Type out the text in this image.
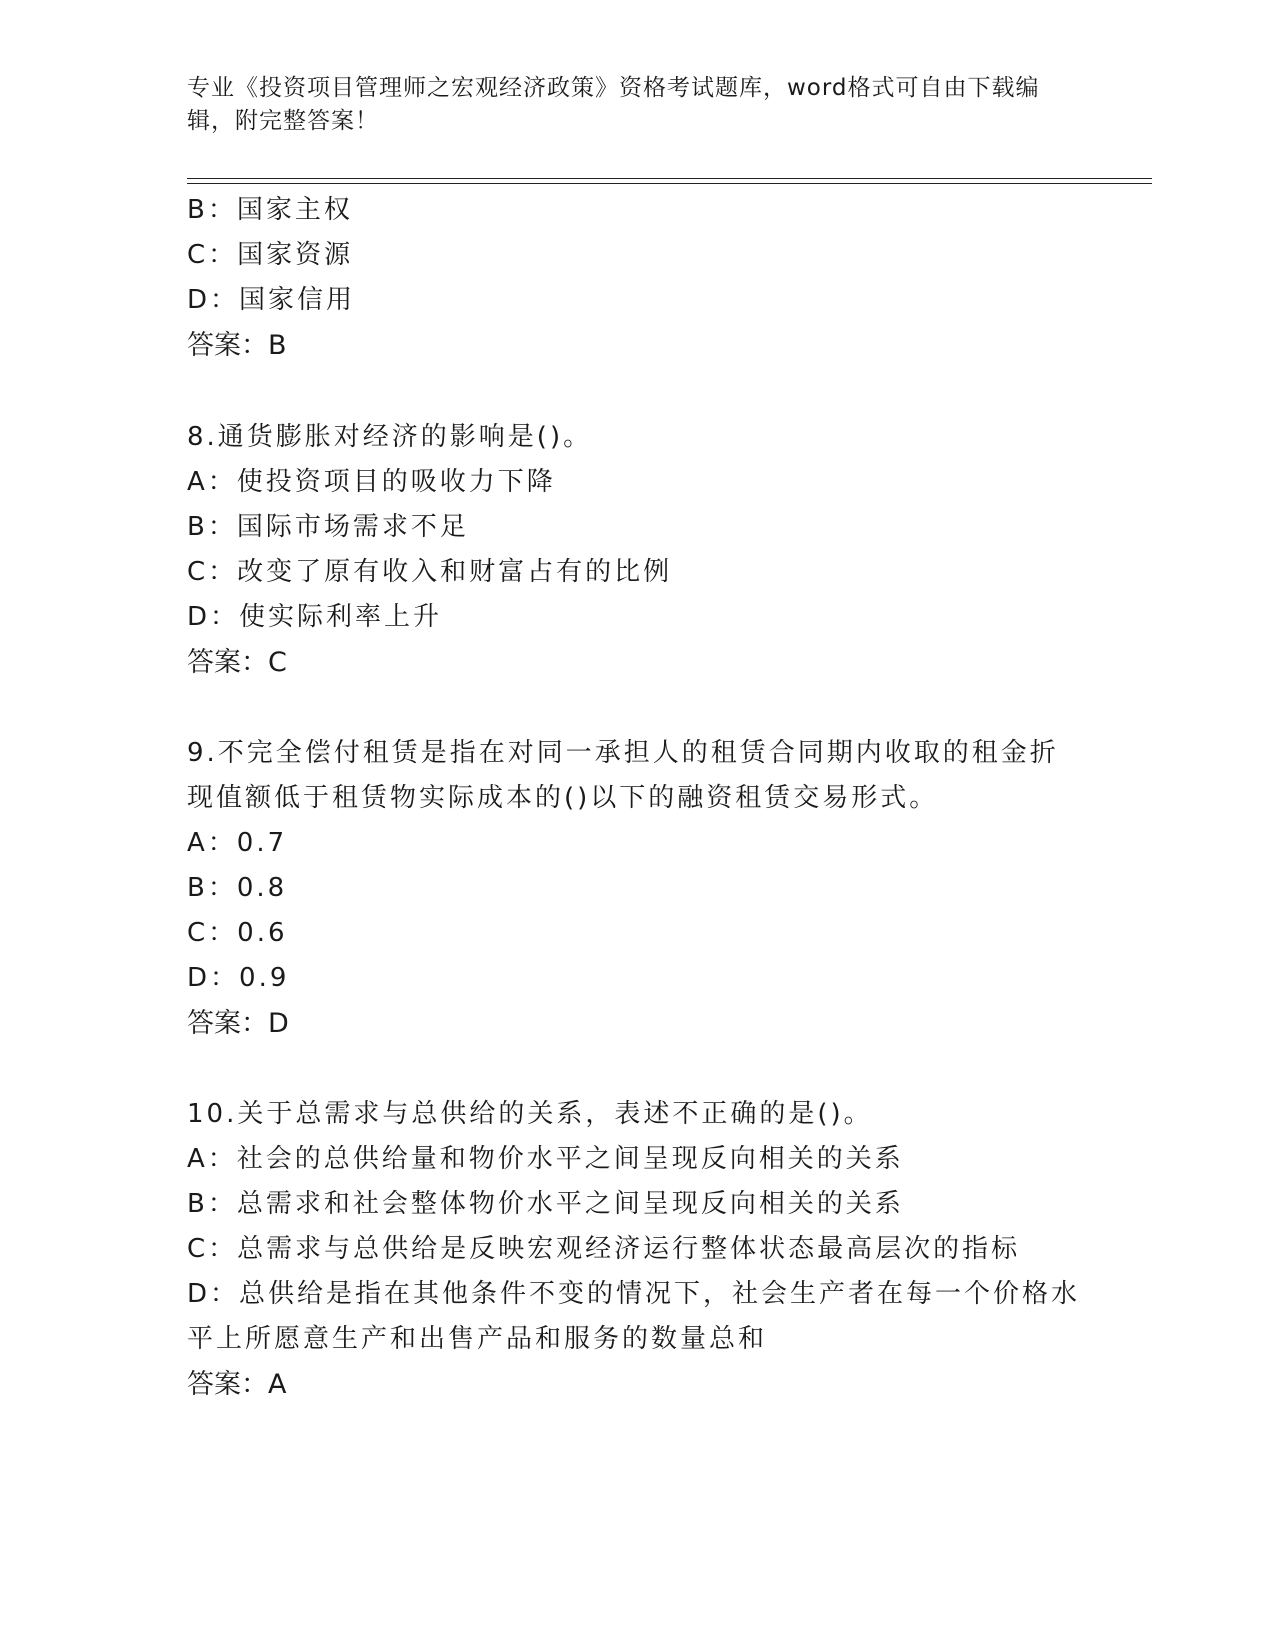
专业《投资项目管理师之宏观经济政策》资格考试题库，word格式可自由下载编辑，附完整答案！
B：国家主权
C：国家资源
D：国家信用
答案：B
8.通货膨胀对经济的影响是()。
A：使投资项目的吸收力下降
B：国际市场需求不足
C：改变了原有收入和财富占有的比例
D：使实际利率上升
答案：C
9.不完全偿付租赁是指在对同一承担人的租赁合同期内收取的租金折
现值额低于租赁物实际成本的()以下的融资租赁交易形式。
A：0.7
B：0.8
C：0.6
D：0.9
答案：D
10.关于总需求与总供给的关系，表述不正确的是()。
A：社会的总供给量和物价水平之间呈现反向相关的关系
B：总需求和社会整体物价水平之间呈现反向相关的关系
C：总需求与总供给是反映宏观经济运行整体状态最高层次的指标
D：总供给是指在其他条件不变的情况下，社会生产者在每一个价格水
平上所愿意生产和出售产品和服务的数量总和
答案：A
